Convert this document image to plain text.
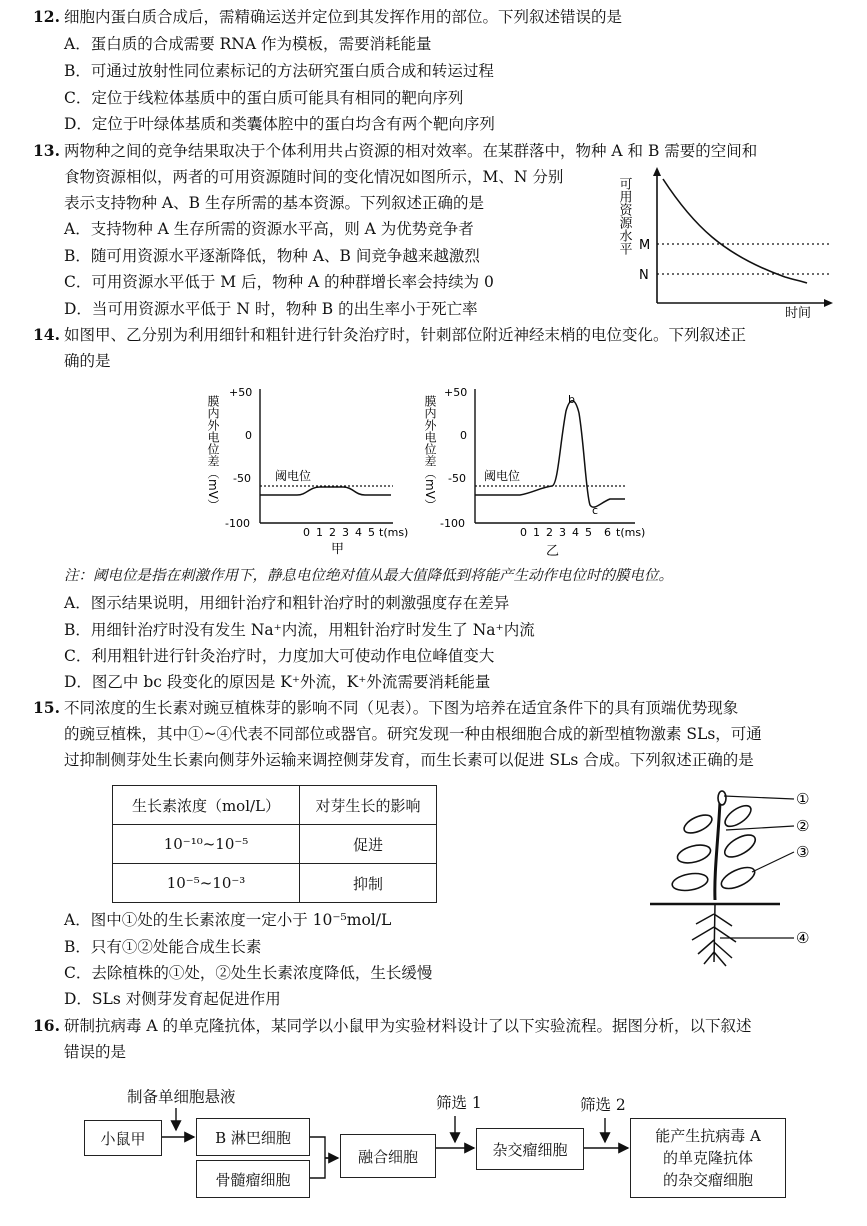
12. 细胞内蛋白质合成后，需精确运送并定位到其发挥作用的部位。下列叙述错误的是
A．蛋白质的合成需要 RNA 作为模板，需要消耗能量
B．可通过放射性同位素标记的方法研究蛋白质合成和转运过程
C．定位于线粒体基质中的蛋白质可能具有相同的靶向序列
D．定位于叶绿体基质和类囊体腔中的蛋白均含有两个靶向序列
13. 两物种之间的竞争结果取决于个体利用共占资源的相对效率。在某群落中，物种 A 和 B 需要的空间和
食物资源相似，两者的可用资源随时间的变化情况如图所示，M、N 分别
表示支持物种 A、B 生存所需的基本资源。下列叙述正确的是
A．支持物种 A 生存所需的资源水平高，则 A 为优势竞争者
B．随可用资源水平逐渐降低，物种 A、B 间竞争越来越激烈
C．可用资源水平低于 M 后，物种 A 的种群增长率会持续为 0
D．当可用资源水平低于 N 时，物种 B 的出生率小于死亡率
可用资源水平 M
N
时间
14. 如图甲、乙分别为利用细针和粗针进行针灸治疗时，针刺部位附近神经末梢的电位变化。下列叙述正
确的是
膜内外电位差（mV）
+50
0
-50
-100
阈电位
0 1 2 3 4 5 t(ms)
甲
膜内外电位差（mV）
+50
0
-50
-100
阈电位
b
c
0 1 2 3 4 5 6 t(ms)
乙
注：阈电位是指在刺激作用下，静息电位绝对值从最大值降低到将能产生动作电位时的膜电位。
A．图示结果说明，用细针治疗和粗针治疗时的刺激强度存在差异
B．用细针治疗时没有发生 Na⁺内流，用粗针治疗时发生了 Na⁺内流
C．利用粗针进行针灸治疗时，力度加大可使动作电位峰值变大
D．图乙中 bc 段变化的原因是 K⁺外流，K⁺外流需要消耗能量
15. 不同浓度的生长素对豌豆植株芽的影响不同（见表）。下图为培养在适宜条件下的具有顶端优势现象
的豌豆植株，其中①~④代表不同部位或器官。研究发现一种由根细胞合成的新型植物激素 SLs，可通
过抑制侧芽处生长素向侧芽外运输来调控侧芽发育，而生长素可以促进 SLs 合成。下列叙述正确的是
生长素浓度（mol/L）	对芽生长的影响
10⁻¹⁰~10⁻⁵	促进
10⁻⁵~10⁻³	抑制
①
②
③
④
A．图中①处的生长素浓度一定小于 10⁻⁵mol/L
B．只有①②处能合成生长素
C．去除植株的①处，②处生长素浓度降低，生长缓慢
D．SLs 对侧芽发育起促进作用
16. 研制抗病毒 A 的单克隆抗体，某同学以小鼠甲为实验材料设计了以下实验流程。据图分析，以下叙述
错误的是
制备单细胞悬液	筛选 1	筛选 2
小鼠甲	B 淋巴细胞
骨髓瘤细胞
融合细胞	杂交瘤细胞
能产生抗病毒 A
的单克隆抗体
的杂交瘤细胞
